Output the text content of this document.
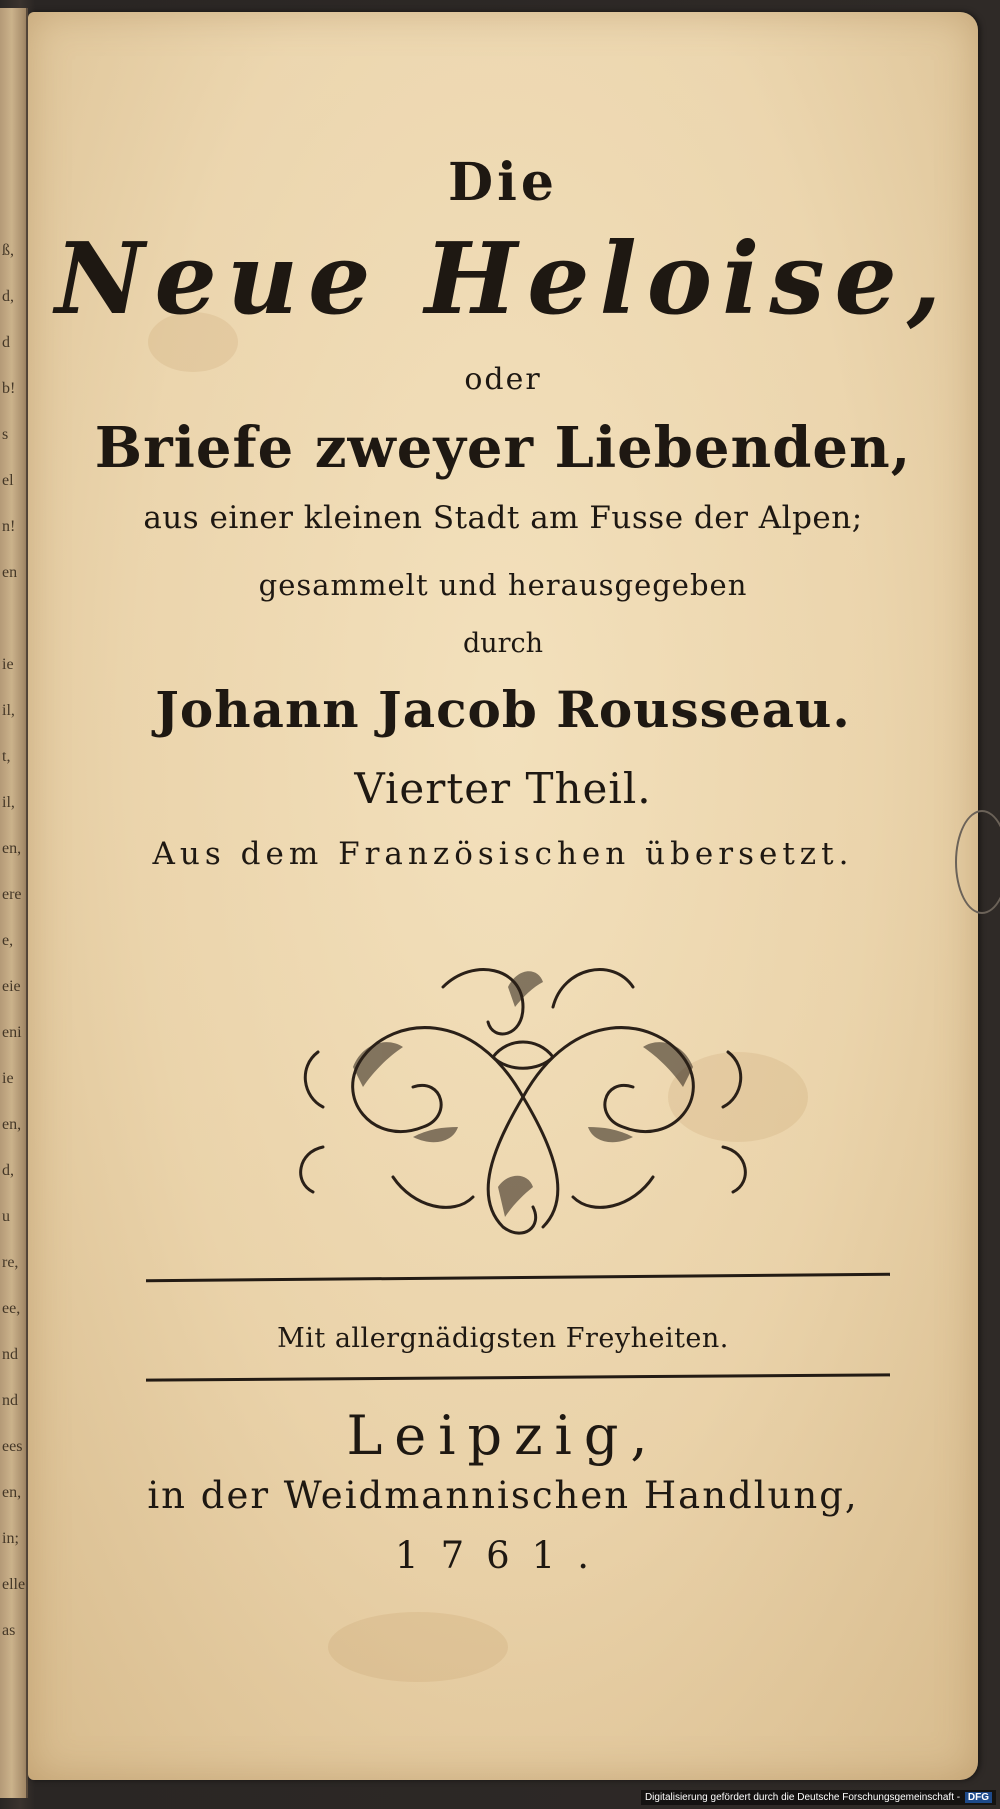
ß,
d,
d
b!
s
el
n!
en

ie
il,
t,
il,
en,
ere
e,
eie
eni
ie
en,
d,
u
re,
ee,
nd
nd
ees
en,
in;
elle
as
Die
Neue Heloise,
oder
Briefe zweyer Liebenden,
aus einer kleinen Stadt am Fusse der Alpen;
gesammelt und herausgegeben
durch
Johann Jacob Rousseau.
Vierter Theil.
Aus dem Französischen übersetzt.
Mit allergnädigsten Freyheiten.
Leipzig,
in der Weidmannischen Handlung,
1761.
Digitalisierung gefördert durch die Deutsche Forschungsgemeinschaft - DFG
